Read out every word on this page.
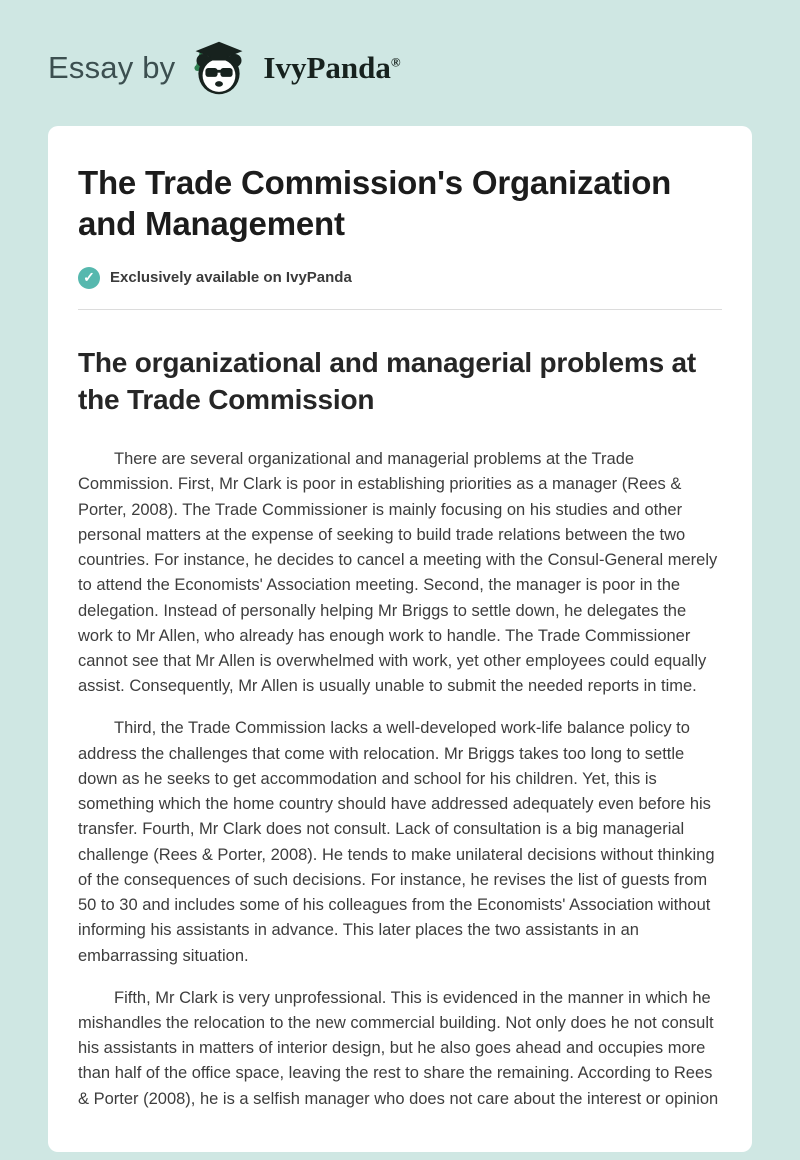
Essay by	IvyPanda®
The Trade Commission's Organization and Management
✓	Exclusively available on IvyPanda
The organizational and managerial problems at the Trade Commission

There are several organizational and managerial problems at the Trade Commission. First, Mr Clark is poor in establishing priorities as a manager (Rees & Porter, 2008). The Trade Commissioner is mainly focusing on his studies and other personal matters at the expense of seeking to build trade relations between the two countries. For instance, he decides to cancel a meeting with the Consul-General merely to attend the Economists' Association meeting. Second, the manager is poor in the delegation. Instead of personally helping Mr Briggs to settle down, he delegates the work to Mr Allen, who already has enough work to handle. The Trade Commissioner cannot see that Mr Allen is overwhelmed with work, yet other employees could equally assist. Consequently, Mr Allen is usually unable to submit the needed reports in time.

Third, the Trade Commission lacks a well-developed work-life balance policy to address the challenges that come with relocation. Mr Briggs takes too long to settle down as he seeks to get accommodation and school for his children. Yet, this is something which the home country should have addressed adequately even before his transfer. Fourth, Mr Clark does not consult. Lack of consultation is a big managerial challenge (Rees & Porter, 2008). He tends to make unilateral decisions without thinking of the consequences of such decisions. For instance, he revises the list of guests from 50 to 30 and includes some of his colleagues from the Economists' Association without informing his assistants in advance. This later places the two assistants in an embarrassing situation.

Fifth, Mr Clark is very unprofessional. This is evidenced in the manner in which he mishandles the relocation to the new commercial building. Not only does he not consult his assistants in matters of interior design, but he also goes ahead and occupies more than half of the office space, leaving the rest to share the remaining. According to Rees & Porter (2008), he is a selfish manager who does not care about the interest or opinion
